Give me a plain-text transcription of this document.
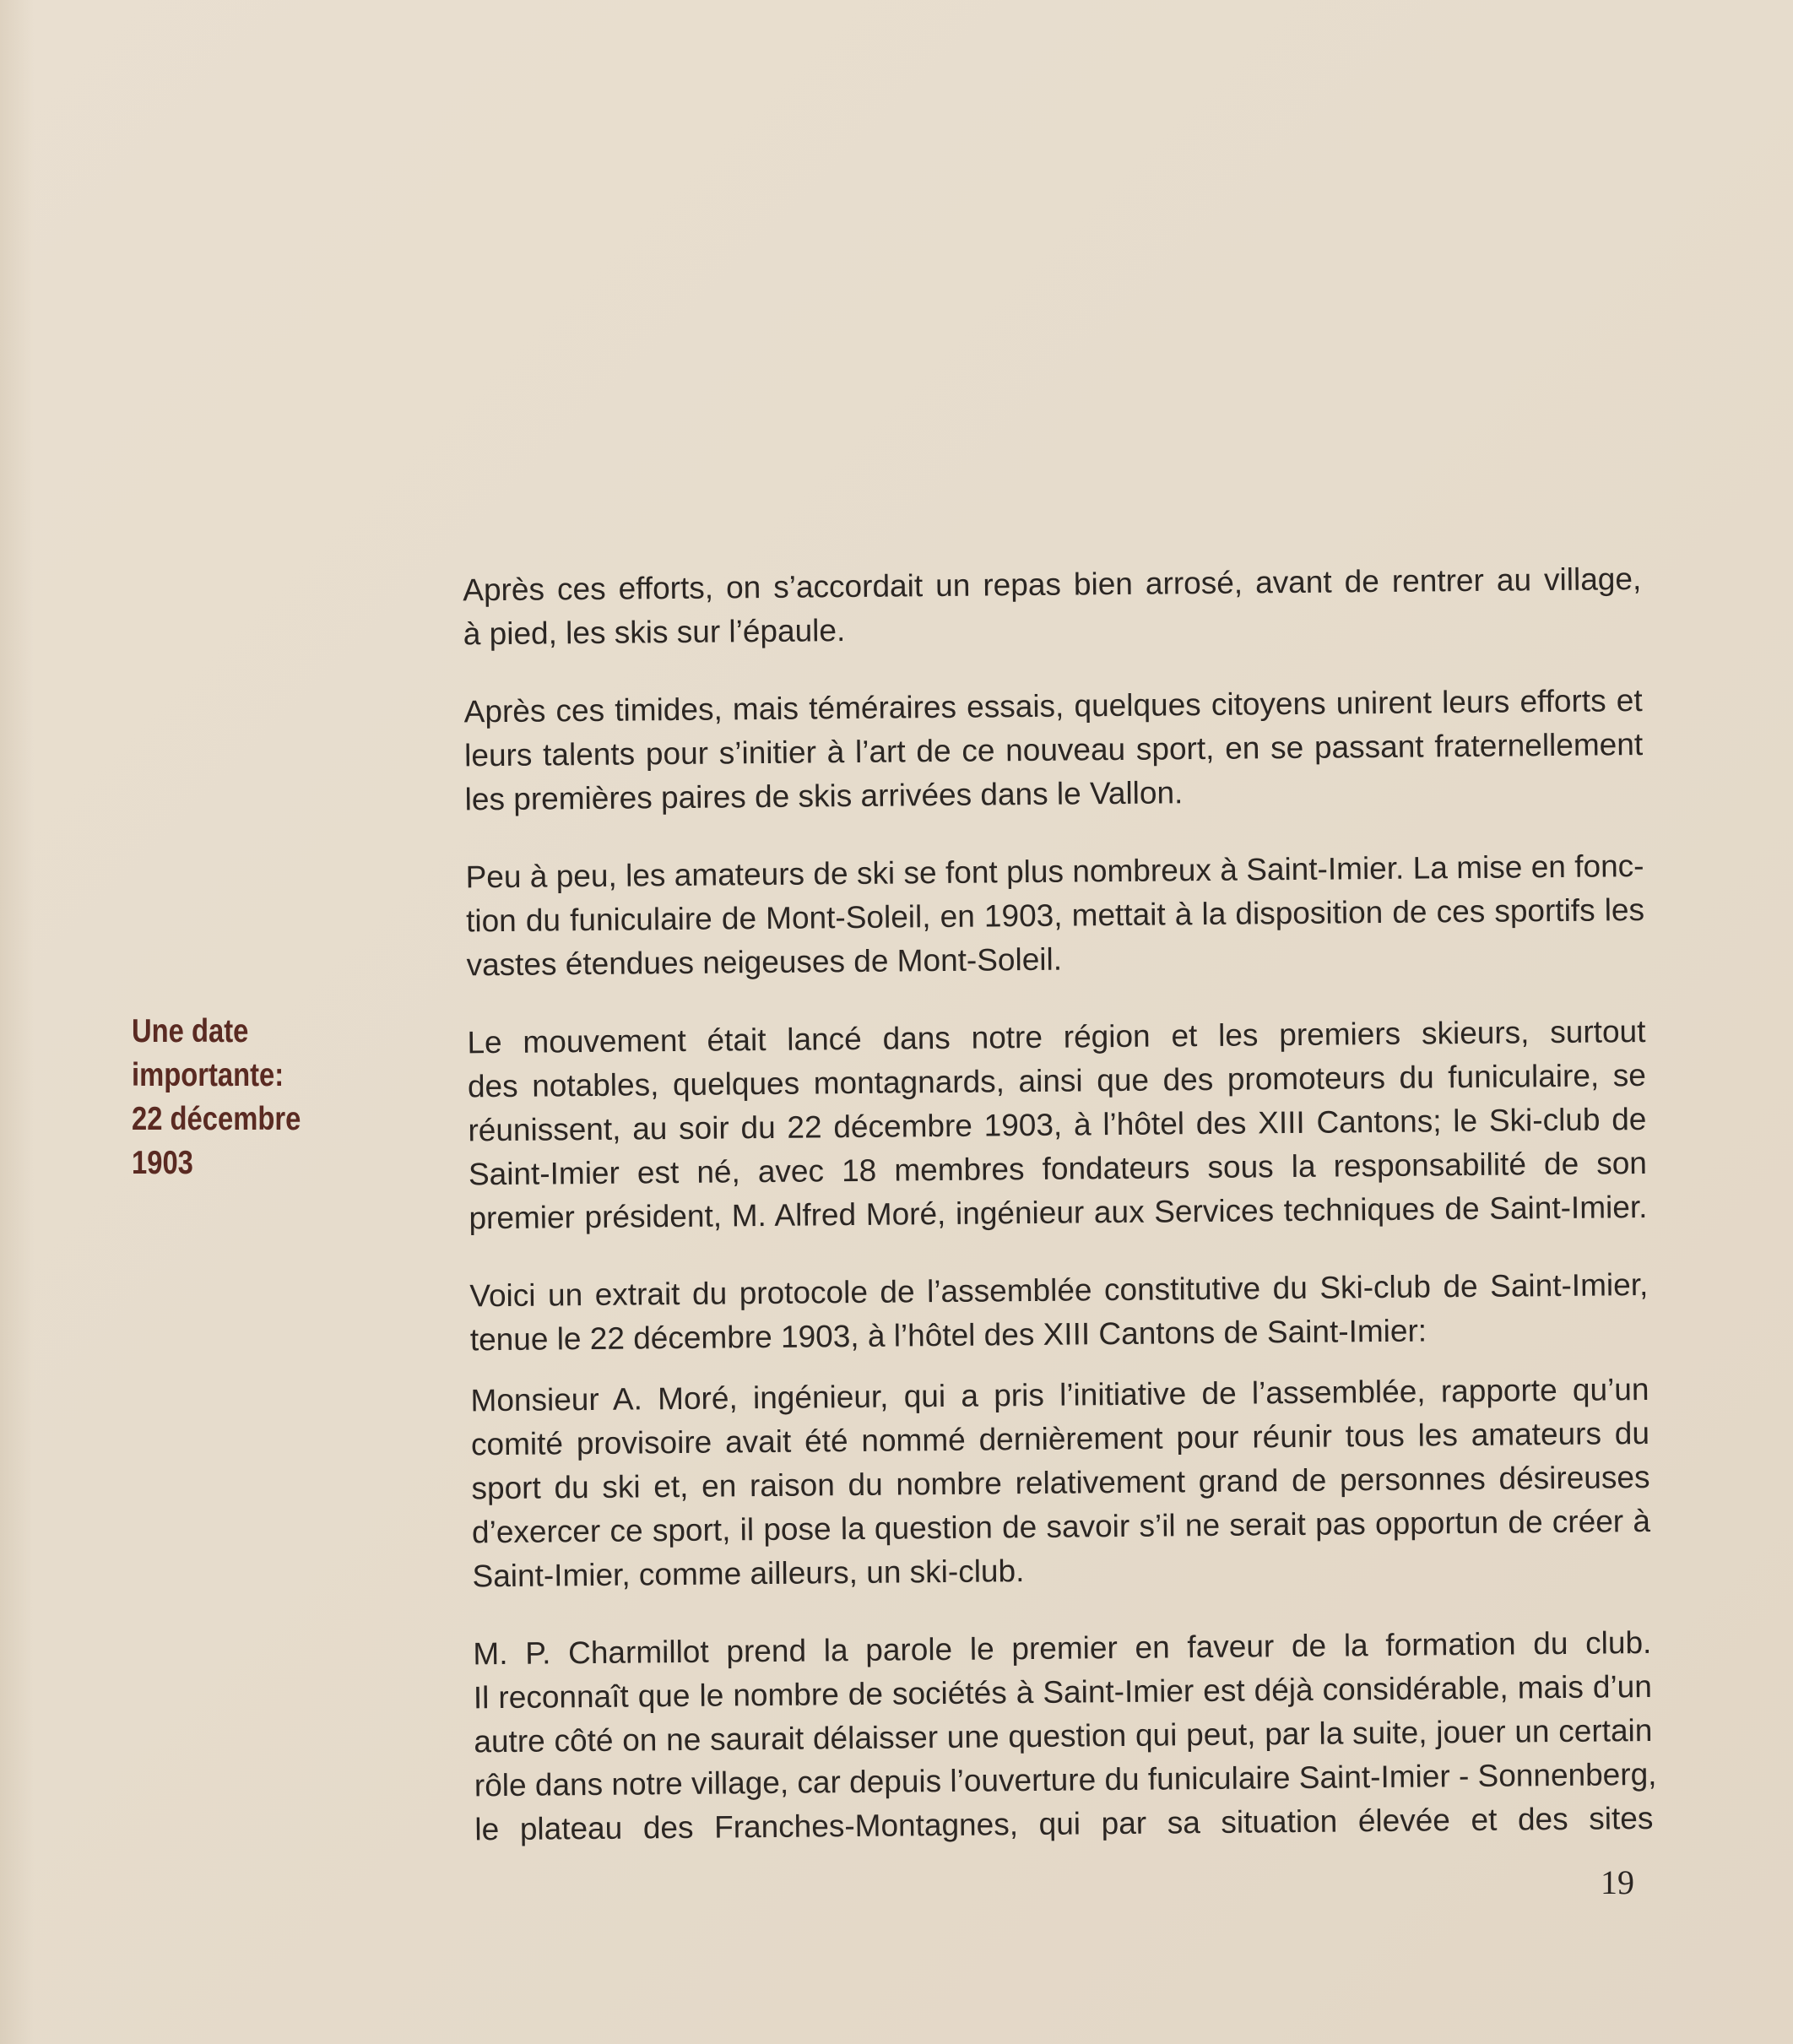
Une date
importante:
22 décembre
1903

Après ces efforts, on s’accordait un repas bien arrosé, avant de rentrer au village,
à pied, les skis sur l’épaule.

Après ces timides, mais téméraires essais, quelques citoyens unirent leurs efforts et
leurs talents pour s’initier à l’art de ce nouveau sport, en se passant fraternellement
les premières paires de skis arrivées dans le Vallon.

Peu à peu, les amateurs de ski se font plus nombreux à Saint-Imier. La mise en fonc-
tion du funiculaire de Mont-Soleil, en 1903, mettait à la disposition de ces sportifs les
vastes étendues neigeuses de Mont-Soleil.

Le mouvement était lancé dans notre région et les premiers skieurs, surtout
des notables, quelques montagnards, ainsi que des promoteurs du funiculaire, se
réunissent, au soir du 22 décembre 1903, à l’hôtel des XIII Cantons; le Ski-club de
Saint-Imier est né, avec 18 membres fondateurs sous la responsabilité de son
premier président, M. Alfred Moré, ingénieur aux Services techniques de Saint-Imier.

Voici un extrait du protocole de l’assemblée constitutive du Ski-club de Saint-Imier,
tenue le 22 décembre 1903, à l’hôtel des XIII Cantons de Saint-Imier:

Monsieur A. Moré, ingénieur, qui a pris l’initiative de l’assemblée, rapporte qu’un
comité provisoire avait été nommé dernièrement pour réunir tous les amateurs du
sport du ski et, en raison du nombre relativement grand de personnes désireuses
d’exercer ce sport, il pose la question de savoir s’il ne serait pas opportun de créer à
Saint-Imier, comme ailleurs, un ski-club.

M. P. Charmillot prend la parole le premier en faveur de la formation du club.
Il reconnaît que le nombre de sociétés à Saint-Imier est déjà considérable, mais d’un
autre côté on ne saurait délaisser une question qui peut, par la suite, jouer un certain
rôle dans notre village, car depuis l’ouverture du funiculaire Saint-Imier - Sonnenberg,
le plateau des Franches-Montagnes, qui par sa situation élevée et des sites

19
